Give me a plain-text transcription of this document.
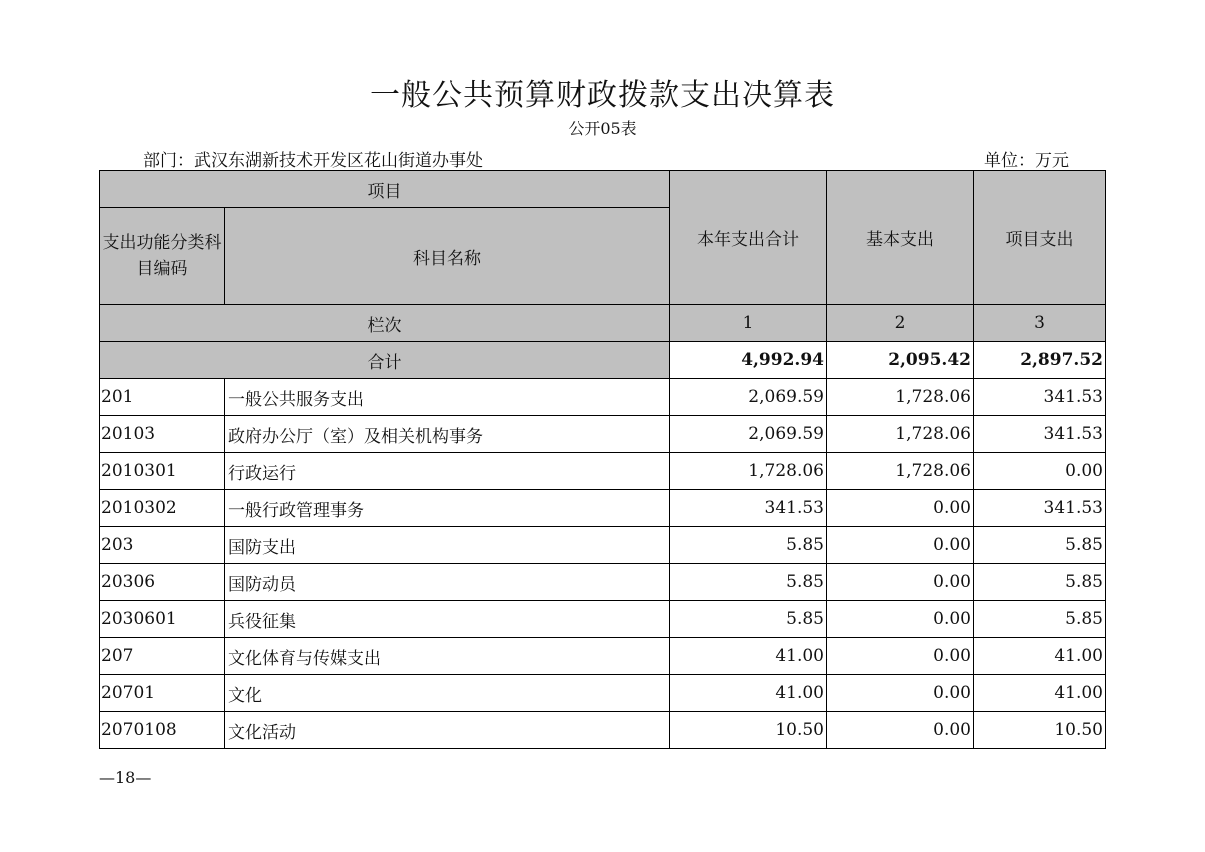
一般公共预算财政拨款支出决算表
公开05表
部门：武汉东湖新技术开发区花山街道办事处	单位：万元
项目		本年支出合计	基本支出	项目支出
支出功能分类科目编码	科目名称			
栏次		1	2	3
合计		4,992.94	2,095.42	2,897.52
201	一般公共服务支出	2,069.59	1,728.06	341.53
20103	政府办公厅（室）及相关机构事务	2,069.59	1,728.06	341.53
2010301	行政运行	1,728.06	1,728.06	0.00
2010302	一般行政管理事务	341.53	0.00	341.53
203	国防支出	5.85	0.00	5.85
20306	国防动员	5.85	0.00	5.85
2030601	兵役征集	5.85	0.00	5.85
207	文化体育与传媒支出	41.00	0.00	41.00
20701	文化	41.00	0.00	41.00
2070108	文化活动	10.50	0.00	10.50
—18—
